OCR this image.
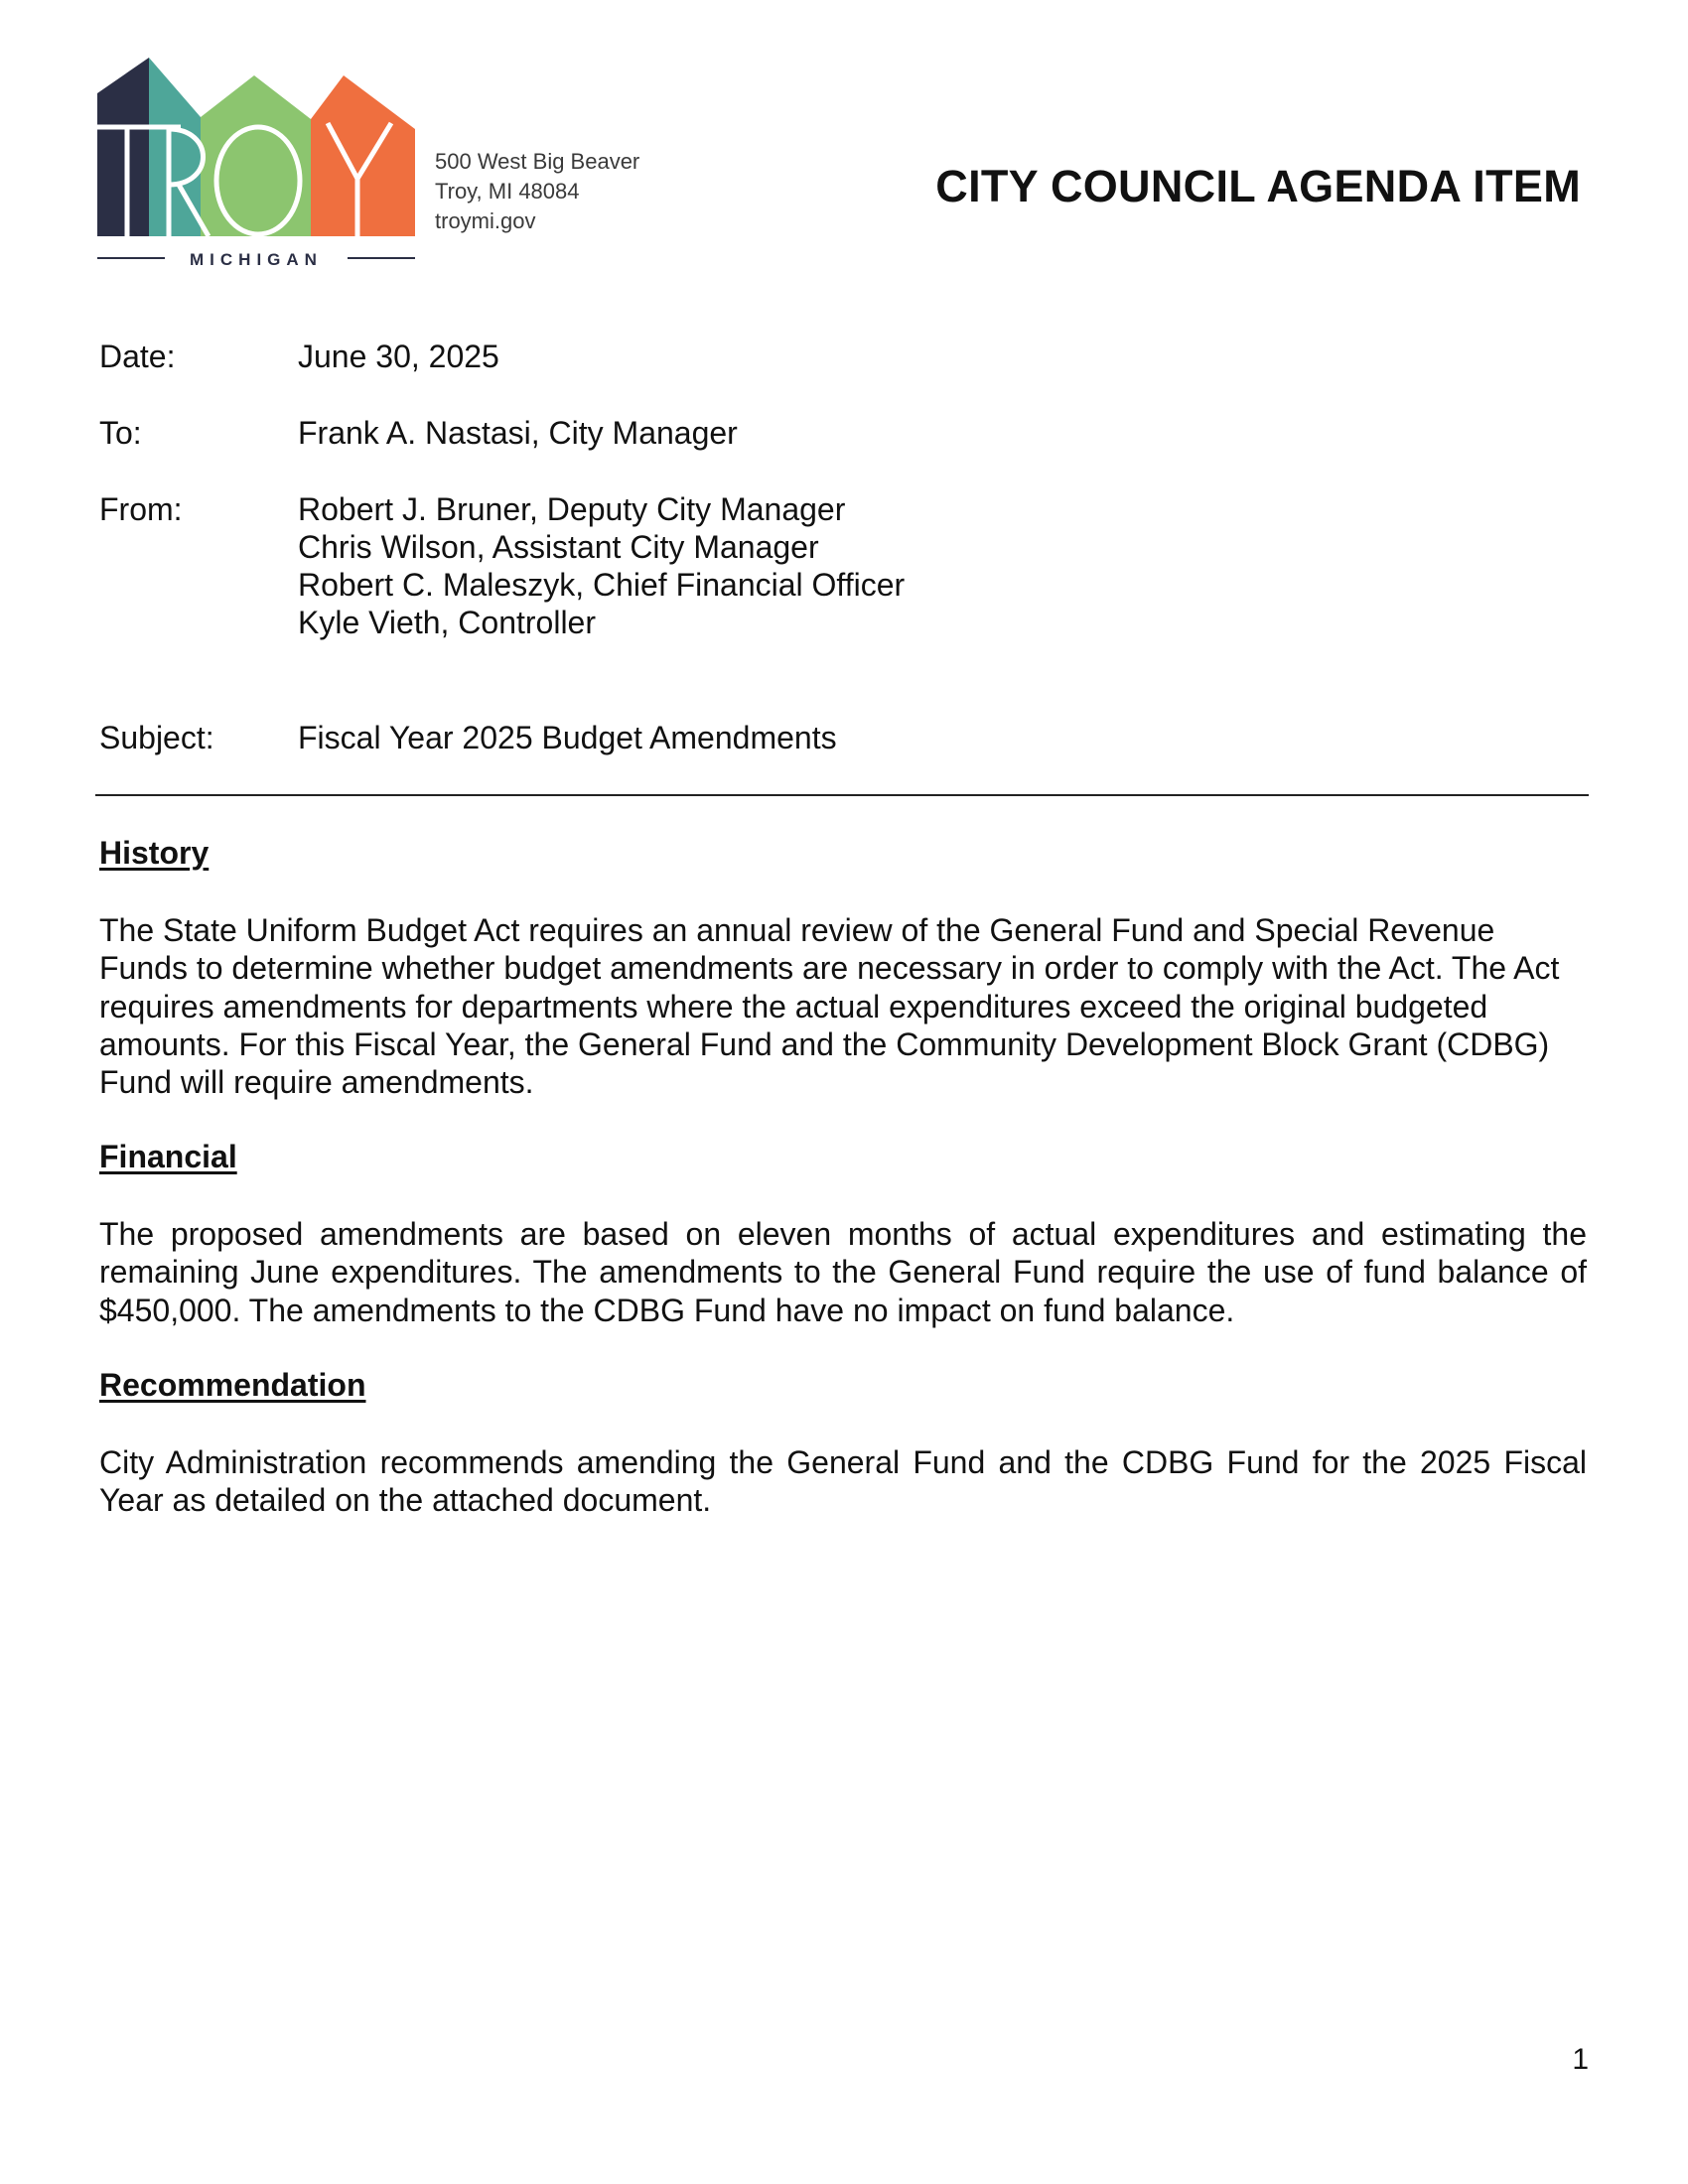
MICHIGAN
500 West Big Beaver
Troy, MI 48084
troymi.gov
CITY COUNCIL AGENDA ITEM
Date:	June 30, 2025
To:	Frank A. Nastasi, City Manager
From:	Robert J. Bruner, Deputy City Manager
Chris Wilson, Assistant City Manager
Robert C. Maleszyk, Chief Financial Officer
Kyle Vieth, Controller
Subject:	Fiscal Year 2025 Budget Amendments
History
The State Uniform Budget Act requires an annual review of the General Fund and Special Revenue Funds to determine whether budget amendments are necessary in order to comply with the Act. The Act requires amendments for departments where the actual expenditures exceed the original budgeted amounts. For this Fiscal Year, the General Fund and the Community Development Block Grant (CDBG) Fund will require amendments.
Financial
The proposed amendments are based on eleven months of actual expenditures and estimating the remaining June expenditures. The amendments to the General Fund require the use of fund balance of $450,000. The amendments to the CDBG Fund have no impact on fund balance.
Recommendation
City Administration recommends amending the General Fund and the CDBG Fund for the 2025 Fiscal Year as detailed on the attached document.
1
